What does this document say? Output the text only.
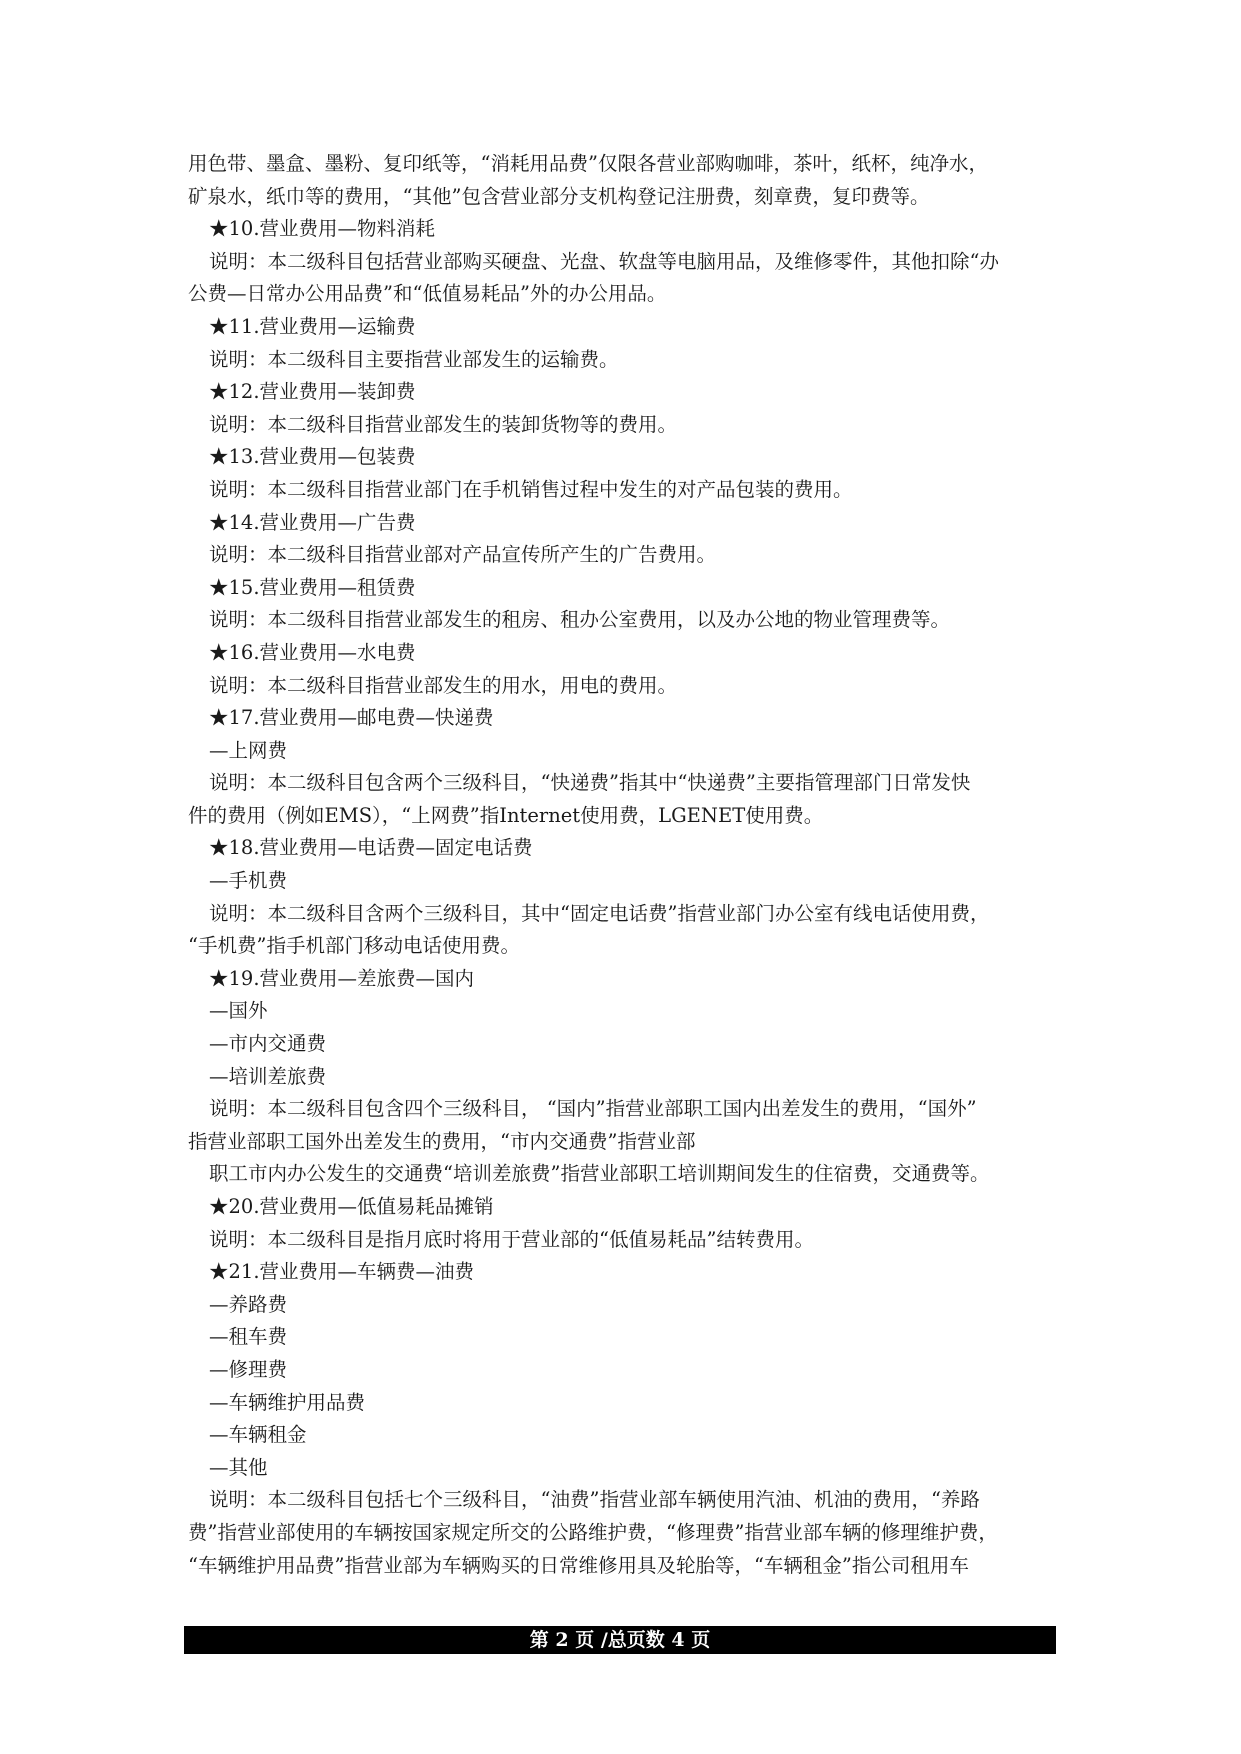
用色带、墨盒、墨粉、复印纸等，“消耗用品费”仅限各营业部购咖啡，茶叶，纸杯，纯净水，
矿泉水，纸巾等的费用，“其他”包含营业部分支机构登记注册费，刻章费，复印费等。
★10.营业费用—物料消耗
说明：本二级科目包括营业部购买硬盘、光盘、软盘等电脑用品，及维修零件，其他扣除“办
公费—日常办公用品费”和“低值易耗品”外的办公用品。
★11.营业费用—运输费
说明：本二级科目主要指营业部发生的运输费。
★12.营业费用—装卸费
说明：本二级科目指营业部发生的装卸货物等的费用。
★13.营业费用—包装费
说明：本二级科目指营业部门在手机销售过程中发生的对产品包装的费用。
★14.营业费用—广告费
说明：本二级科目指营业部对产品宣传所产生的广告费用。
★15.营业费用—租赁费
说明：本二级科目指营业部发生的租房、租办公室费用，以及办公地的物业管理费等。
★16.营业费用—水电费
说明：本二级科目指营业部发生的用水，用电的费用。
★17.营业费用—邮电费—快递费
—上网费
说明：本二级科目包含两个三级科目，“快递费”指其中“快递费”主要指管理部门日常发快
件的费用（例如EMS），“上网费”指Internet使用费，LGENET使用费。
★18.营业费用—电话费—固定电话费
—手机费
说明：本二级科目含两个三级科目，其中“固定电话费”指营业部门办公室有线电话使用费，
“手机费”指手机部门移动电话使用费。
★19.营业费用—差旅费—国内
—国外
—市内交通费
—培训差旅费
说明：本二级科目包含四个三级科目， “国内”指营业部职工国内出差发生的费用，“国外”
指营业部职工国外出差发生的费用，“市内交通费”指营业部
职工市内办公发生的交通费“培训差旅费”指营业部职工培训期间发生的住宿费，交通费等。
★20.营业费用—低值易耗品摊销
说明：本二级科目是指月底时将用于营业部的“低值易耗品”结转费用。
★21.营业费用—车辆费—油费
—养路费
—租车费
—修理费
—车辆维护用品费
—车辆租金
—其他
说明：本二级科目包括七个三级科目，“油费”指营业部车辆使用汽油、机油的费用，“养路
费”指营业部使用的车辆按国家规定所交的公路维护费，“修理费”指营业部车辆的修理维护费，
“车辆维护用品费”指营业部为车辆购买的日常维修用具及轮胎等，“车辆租金”指公司租用车
第 2 页 /总页数 4 页
